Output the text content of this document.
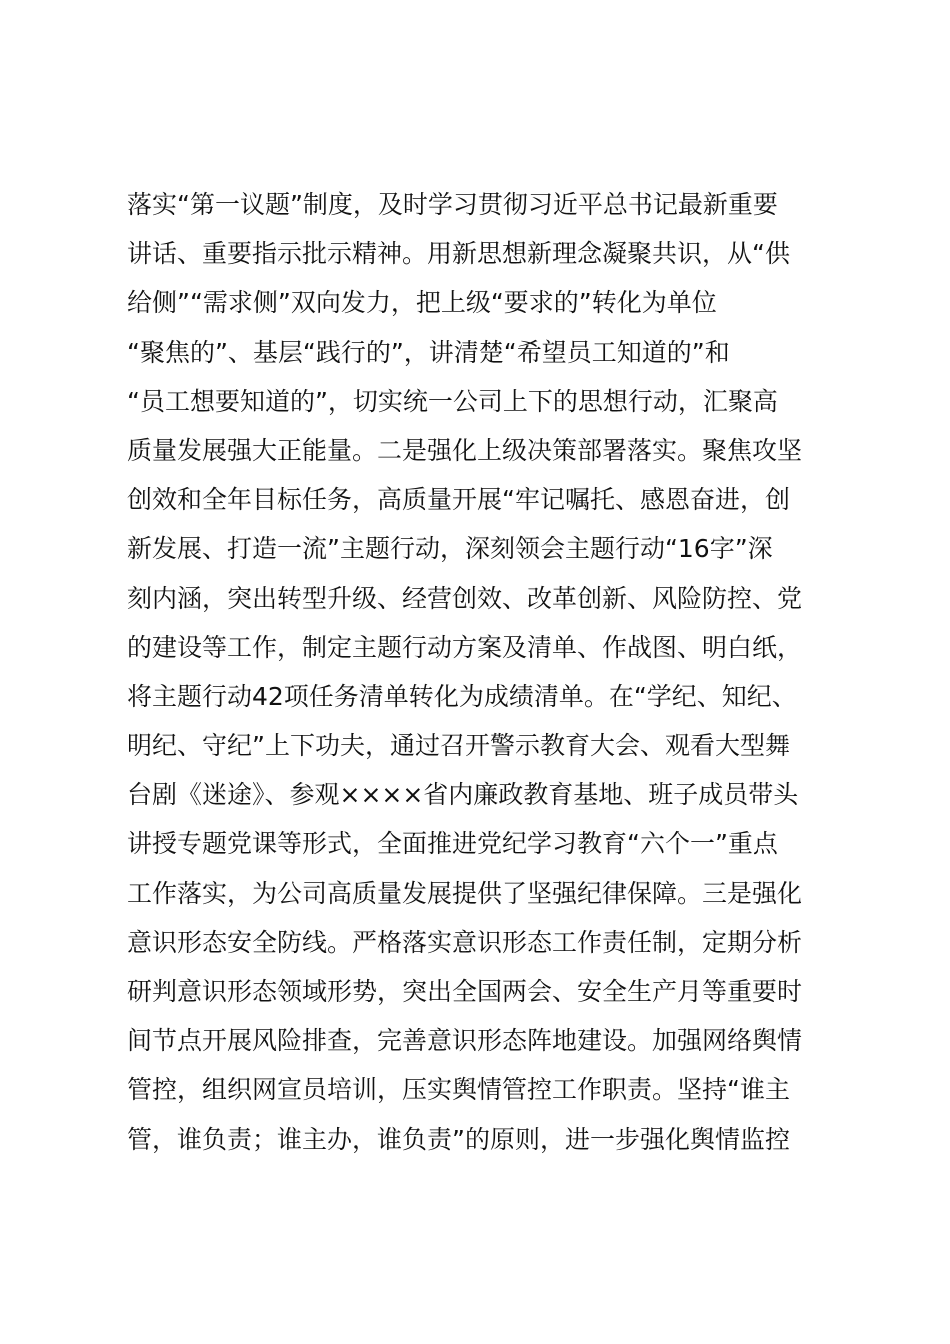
落实“第一议题”制度，及时学习贯彻习近平总书记最新重要
讲话、重要指示批示精神。用新思想新理念凝聚共识，从“供
给侧”“需求侧”双向发力，把上级“要求的”转化为单位
“聚焦的”、基层“践行的”，讲清楚“希望员工知道的”和
“员工想要知道的”，切实统一公司上下的思想行动，汇聚高
质量发展强大正能量。二是强化上级决策部署落实。聚焦攻坚
创效和全年目标任务，高质量开展“牢记嘱托、感恩奋进，创
新发展、打造一流”主题行动，深刻领会主题行动“16字”深
刻内涵，突出转型升级、经营创效、改革创新、风险防控、党
的建设等工作，制定主题行动方案及清单、作战图、明白纸，
将主题行动42项任务清单转化为成绩清单。在“学纪、知纪、
明纪、守纪”上下功夫，通过召开警示教育大会、观看大型舞
台剧《迷途》、参观××××省内廉政教育基地、班子成员带头
讲授专题党课等形式，全面推进党纪学习教育“六个一”重点
工作落实，为公司高质量发展提供了坚强纪律保障。三是强化
意识形态安全防线。严格落实意识形态工作责任制，定期分析
研判意识形态领域形势，突出全国两会、安全生产月等重要时
间节点开展风险排查，完善意识形态阵地建设。加强网络舆情
管控，组织网宣员培训，压实舆情管控工作职责。坚持“谁主
管，谁负责；谁主办，谁负责”的原则，进一步强化舆情监控
